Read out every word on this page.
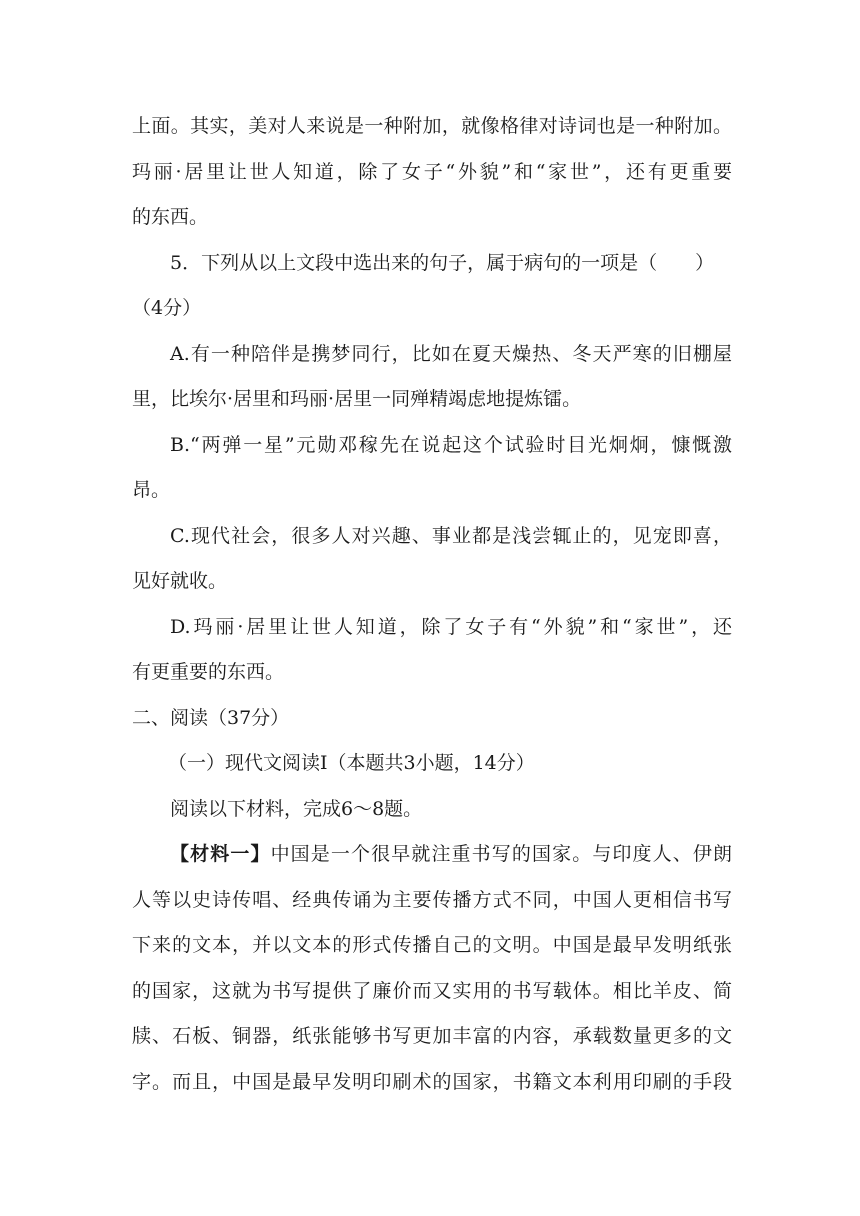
上面。其实，美对人来说是一种附加，就像格律对诗词也是一种附加。
玛丽·居里让世人知道，除了女子“外貌”和“家世”，还有更重要
的东西。
5．下列从以上文段中选出来的句子，属于病句的一项是（　　）
（4分）
A.有一种陪伴是携梦同行，比如在夏天燥热、冬天严寒的旧棚屋
里，比埃尔·居里和玛丽·居里一同殚精竭虑地提炼镭。
B.“两弹一星”元勋邓稼先在说起这个试验时目光炯炯，慷慨激
昂。
C.现代社会，很多人对兴趣、事业都是浅尝辄止的，见宠即喜，
见好就收。
D.玛丽·居里让世人知道，除了女子有“外貌”和“家世”，还
有更重要的东西。
二、阅读（37分）
（一）现代文阅读Ⅰ（本题共3小题，14分）
阅读以下材料，完成6～8题。
【材料一】中国是一个很早就注重书写的国家。与印度人、伊朗
人等以史诗传唱、经典传诵为主要传播方式不同，中国人更相信书写
下来的文本，并以文本的形式传播自己的文明。中国是最早发明纸张
的国家，这就为书写提供了廉价而又实用的书写载体。相比羊皮、简
牍、石板、铜器，纸张能够书写更加丰富的内容，承载数量更多的文
字。而且，中国是最早发明印刷术的国家，书籍文本利用印刷的手段
